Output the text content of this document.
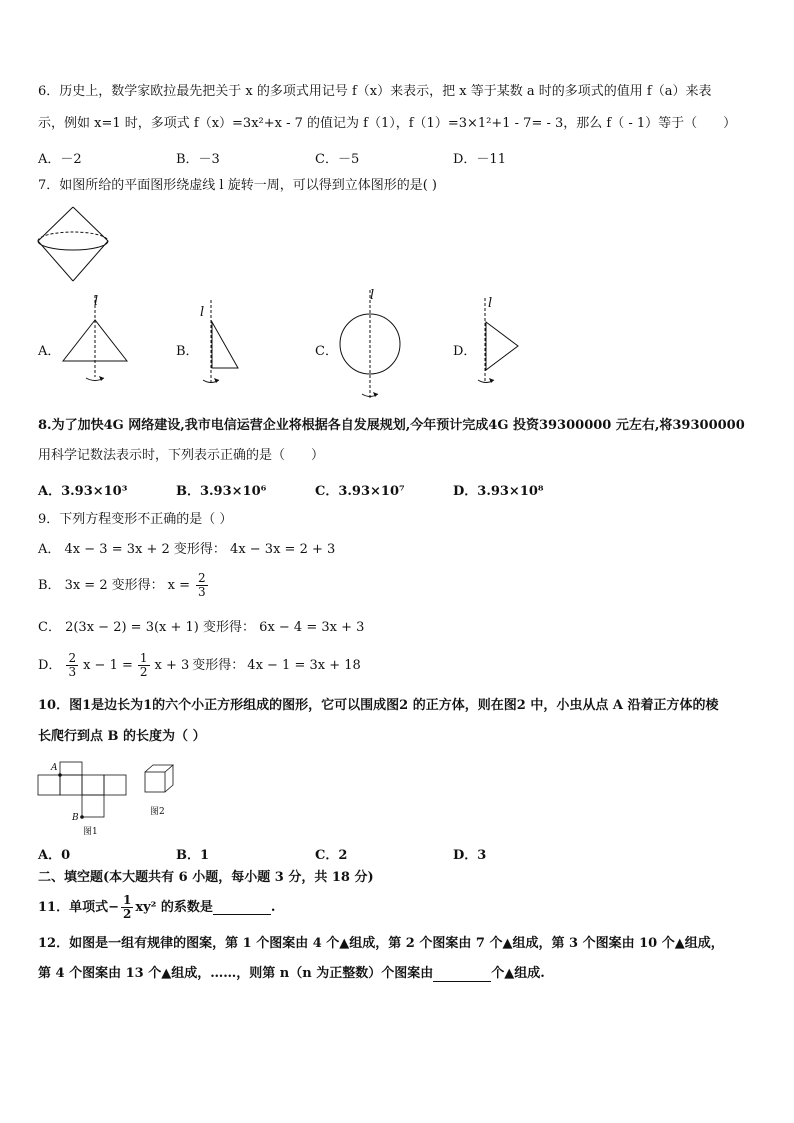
6．历史上，数学家欧拉最先把关于 x 的多项式用记号 f（x）来表示，把 x 等于某数 a 时的多项式的值用 f（a）来表
示，例如 x=1 时，多项式 f（x）=3x²+x - 7 的值记为 f（1），f（1）=3×1²+1 - 7= - 3，那么 f（ - 1）等于（　　）
A．－2	B．－3	C．－5	D．－11
7．如图所给的平面图形绕虚线 l 旋转一周，可以得到立体图形的是( )
A．	B．	C．	D．
l
l
l
l
8.为了加快4G 网络建设,我市电信运营企业将根据各自发展规划,今年预计完成4G 投资39300000 元左右,将39300000
用科学记数法表示时，下列表示正确的是（　　）
A．3.93×10³	B．3.93×10⁶	C．3.93×10⁷	D．3.93×10⁸
9．下列方程变形不正确的是（ ）
A． 4x − 3 = 3x + 2 变形得： 4x − 3x = 2 + 3
B． 3x = 2 变形得： $x = \frac{2}{3}$
C． 2(3x − 2) = 3(x + 1) 变形得： 6x − 4 = 3x + 3
D． $\frac{2}{3}$ $x - 1 = \frac{1}{2}$ x + 3 变形得： 4x − 1 = 3x + 18
10．图1是边长为1的六个小正方形组成的图形，它可以围成图2 的正方体，则在图2 中，小虫从点 A 沿着正方体的棱
长爬行到点 B 的长度为（ ）
A
B
图1
图2
A．0	B．1	C．2	D．3
二、填空题(本大题共有 6 小题，每小题 3 分，共 18 分)
11．单项式− $\frac{1}{2} xy^2$ 的系数是	.
12．如图是一组有规律的图案，第 1 个图案由 4 个▲组成，第 2 个图案由 7 个▲组成，第 3 个图案由 10 个▲组成，
第 4 个图案由 13 个▲组成，……，则第 n（n 为正整数）个图案由	个▲组成.
